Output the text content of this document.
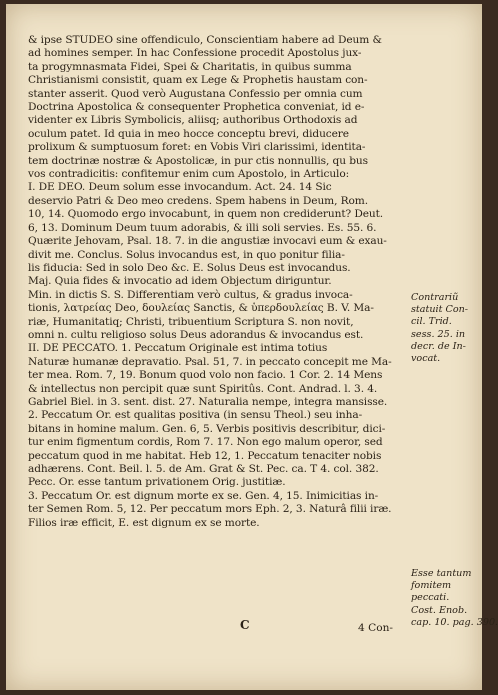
& ipse STUDEO sine offendiculo, Conscientiam habere ad Deum &
ad homines semper. In hac Confessione procedit Apostolus jux-
ta progymnasmata Fidei, Spei & Charitatis, in quibus summa
Christianismi consistit, quam ex Lege & Prophetis haustam con-
stanter asserit. Quod verò Augustana Confessio per omnia cum
Doctrina Apostolica & consequenter Prophetica conveniat, id e-
videnter ex Libris Symbolicis, aliisq; authoribus Orthodoxis ad
oculum patet. Id quia in meo hocce conceptu brevi, diducere
prolixum & sumptuosum foret: en Vobis Viri clarissimi, identita-
tem doctrinæ nostræ & Apostolicæ, in pur ctis nonnullis, qu bus
vos contradicitis: confitemur enim cum Apostolo, in Articulo:
I. DE DEO. Deum solum esse invocandum. Act. 24. 14 Sic
deservio Patri & Deo meo credens. Spem habens in Deum, Rom.
10, 14. Quomodo ergo invocabunt, in quem non crediderunt? Deut.
6, 13. Dominum Deum tuum adorabis, & illi soli servies. Es. 55. 6.
Quærite Jehovam, Psal. 18. 7. in die angustiæ invocavi eum & exau-
divit me. Conclus. Solus invocandus est, in quo ponitur filia-
lis fiducia: Sed in solo Deo &c. E. Solus Deus est invocandus.
Maj. Quia fides & invocatio ad idem Objectum diriguntur.
Min. in dictis S. S. Differentiam verò cultus, & gradus invoca-
tionis, λατρείας Deo, δουλείας Sanctis, & ὑπερδουλείας B. V. Ma-
riæ, Humanitatiq; Christi, tribuentium Scriptura S. non novit,
omni n. cultu religioso solus Deus adorandus & invocandus est.
II. DE PECCATO. 1. Peccatum Originale est intima totius
Naturæ humanæ depravatio. Psal. 51, 7. in peccato concepit me Ma-
ter mea. Rom. 7, 19. Bonum quod volo non facio. 1 Cor. 2. 14 Mens
& intellectus non percipit quæ sunt Spiritûs. Cont. Andrad. l. 3. 4.
Gabriel Biel. in 3. sent. dist. 27. Naturalia nempe, integra mansisse.
2. Peccatum Or. est qualitas positiva (in sensu Theol.) seu inha-
bitans in homine malum. Gen. 6, 5. Verbis positivis describitur, dici-
tur enim figmentum cordis, Rom 7. 17. Non ego malum operor, sed
peccatum quod in me habitat. Heb 12, 1. Peccatum tenaciter nobis
adhærens. Cont. Beil. l. 5. de Am. Grat & St. Pec. ca. T 4. col. 382.
Pecc. Or. esse tantum privationem Orig. justitiæ.
3. Peccatum Or. est dignum morte ex se. Gen. 4, 15. Inimicitias in-
ter Semen Rom. 5, 12. Per peccatum mors Eph. 2, 3. Naturâ filii iræ.
Filios iræ efficit, E. est dignum ex se morte.
Contrariũ
statuit Con-
cil. Trid.
sess. 25. in
decr. de In-
vocat.
Esse tantum
fomitem
peccati.
Cost. Enob.
cap. 10. pag. 390.
C	4 Con-
